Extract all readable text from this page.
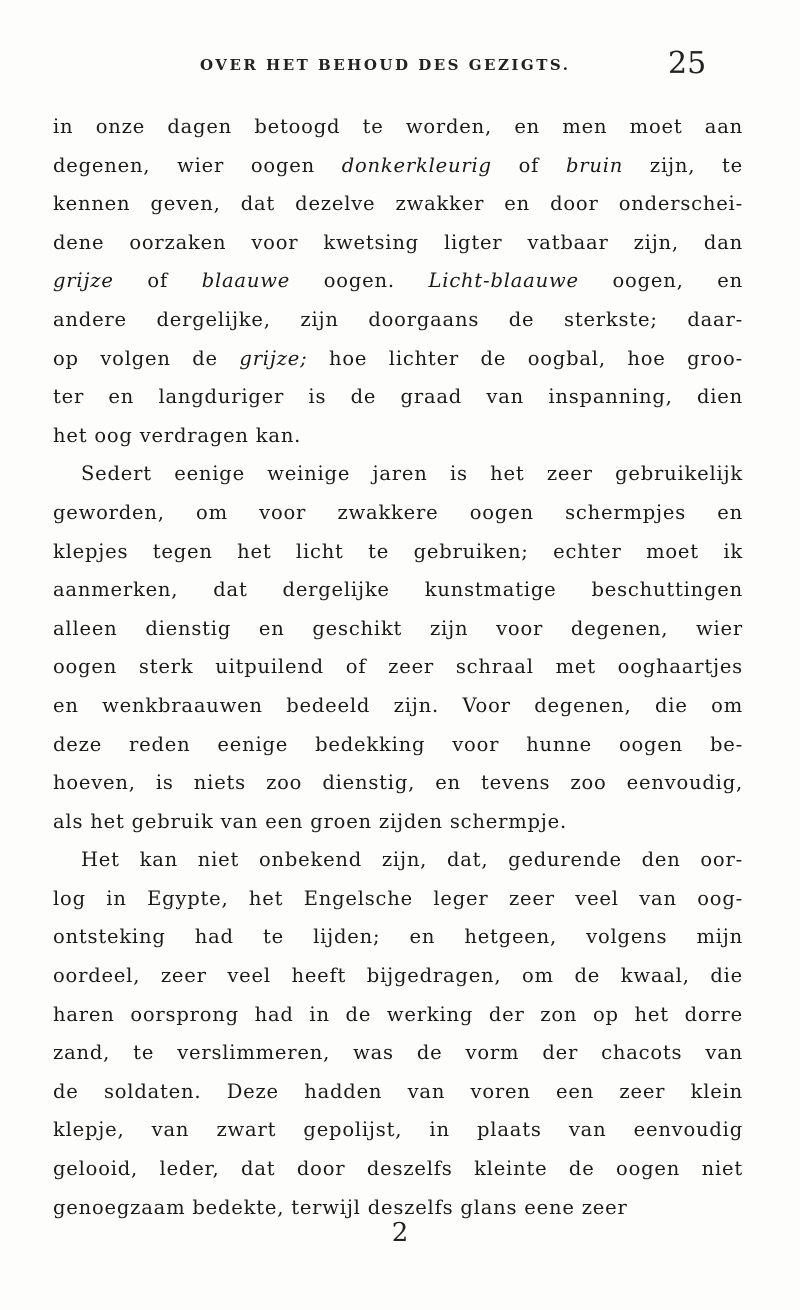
OVER HET BEHOUD DES GEZIGTS.	25
in onze dagen betoogd te worden, en men moet aan
degenen, wier oogen donkerkleurig of bruin zijn, te
kennen geven, dat dezelve zwakker en door onderschei-
dene oorzaken voor kwetsing ligter vatbaar zijn, dan
grijze of blaauwe oogen. Licht-blaauwe oogen, en
andere dergelijke, zijn doorgaans de sterkste; daar-
op volgen de grijze; hoe lichter de oogbal, hoe groo-
ter en langduriger is de graad van inspanning, dien
het oog verdragen kan.
Sedert eenige weinige jaren is het zeer gebruikelijk
geworden, om voor zwakkere oogen schermpjes en
klepjes tegen het licht te gebruiken; echter moet ik
aanmerken, dat dergelijke kunstmatige beschuttingen
alleen dienstig en geschikt zijn voor degenen, wier
oogen sterk uitpuilend of zeer schraal met ooghaartjes
en wenkbraauwen bedeeld zijn. Voor degenen, die om
deze reden eenige bedekking voor hunne oogen be-
hoeven, is niets zoo dienstig, en tevens zoo eenvoudig,
als het gebruik van een groen zijden schermpje.
Het kan niet onbekend zijn, dat, gedurende den oor-
log in Egypte, het Engelsche leger zeer veel van oog-
ontsteking had te lijden; en hetgeen, volgens mijn
oordeel, zeer veel heeft bijgedragen, om de kwaal, die
haren oorsprong had in de werking der zon op het dorre
zand, te verslimmeren, was de vorm der chacots van
de soldaten. Deze hadden van voren een zeer klein
klepje, van zwart gepolijst, in plaats van eenvoudig
gelooid, leder, dat door deszelfs kleinte de oogen niet
genoegzaam bedekte, terwijl deszelfs glans eene zeer
2
